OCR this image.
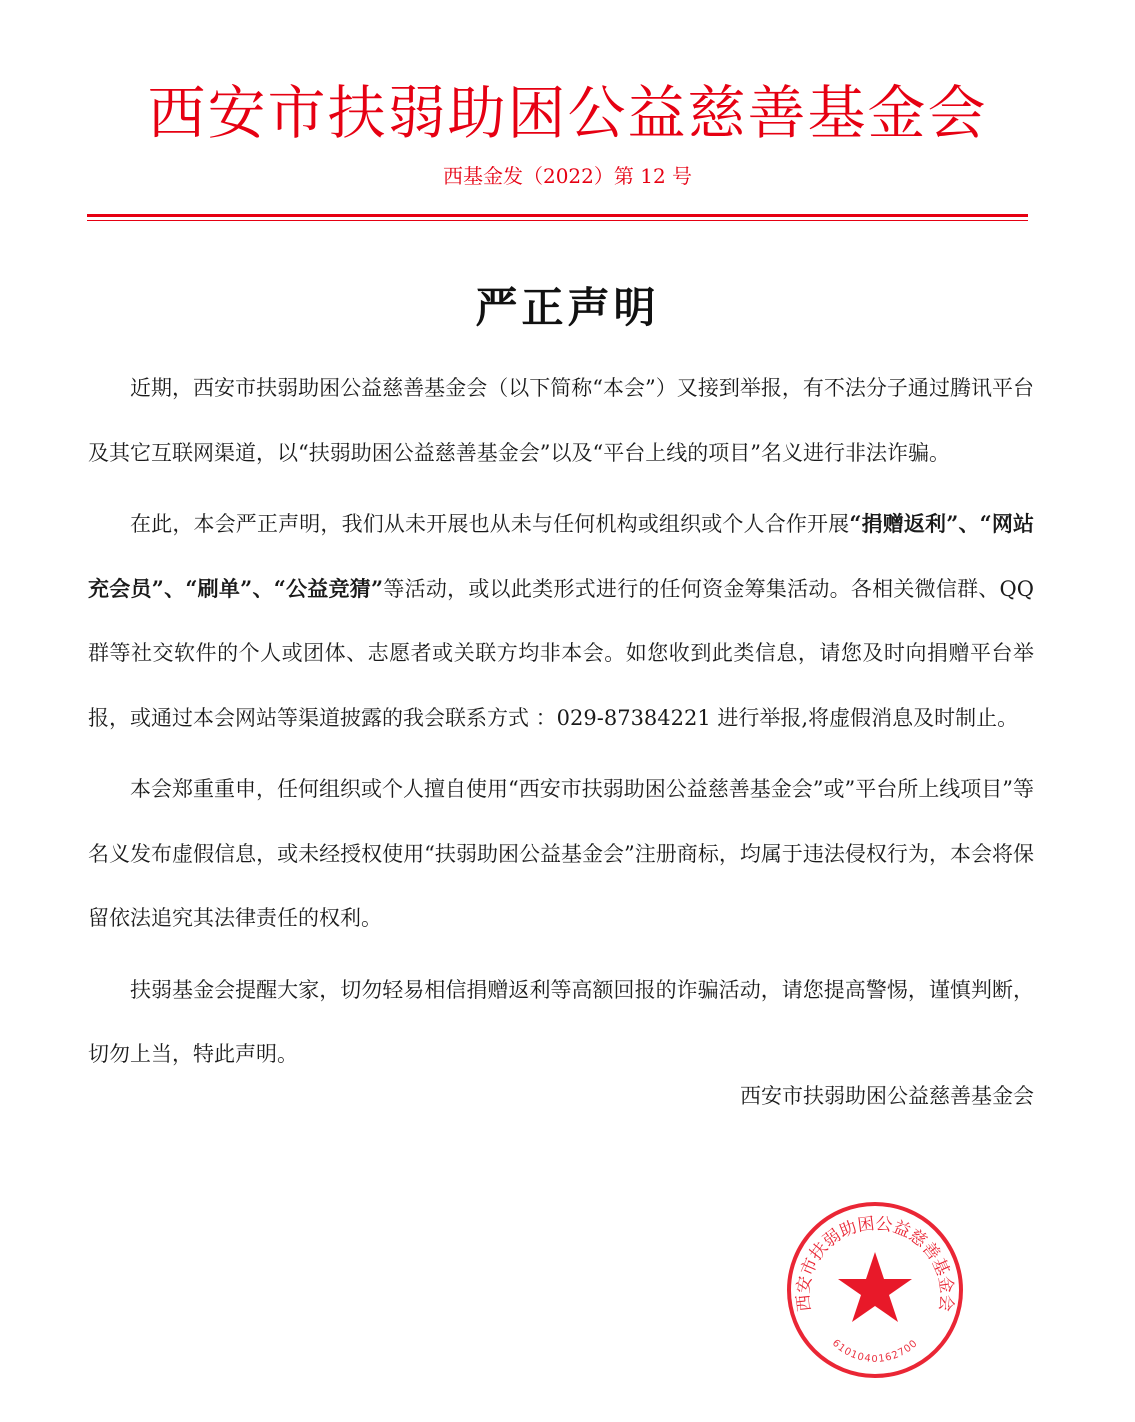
西安市扶弱助困公益慈善基金会
西基金发（2022）第 12 号
严正声明

近期，西安市扶弱助困公益慈善基金会（以下简称“本会”）又接到举报，有不法分子通过腾讯平台及其它互联网渠道，以“扶弱助困公益慈善基金会”以及“平台上线的项目”名义进行非法诈骗。

在此，本会严正声明，我们从未开展也从未与任何机构或组织或个人合作开展“捐赠返利”、“网站充会员”、“刷单”、“公益竞猜”等活动，或以此类形式进行的任何资金筹集活动。各相关微信群、QQ 群等社交软件的个人或团体、志愿者或关联方均非本会。如您收到此类信息，请您及时向捐赠平台举报，或通过本会网站等渠道披露的我会联系方式 ：029-87384221 进行举报,将虚假消息及时制止。

本会郑重重申，任何组织或个人擅自使用“西安市扶弱助困公益慈善基金会”或”平台所上线项目”等名义发布虚假信息，或未经授权使用“扶弱助困公益基金会”注册商标，均属于违法侵权行为，本会将保留依法追究其法律责任的权利。

扶弱基金会提醒大家，切勿轻易相信捐赠返利等高额回报的诈骗活动，请您提高警惕，谨慎判断，切勿上当，特此声明。

西安市扶弱助困公益慈善基金会
西安市扶弱助困公益慈善基金会
6101040162700
